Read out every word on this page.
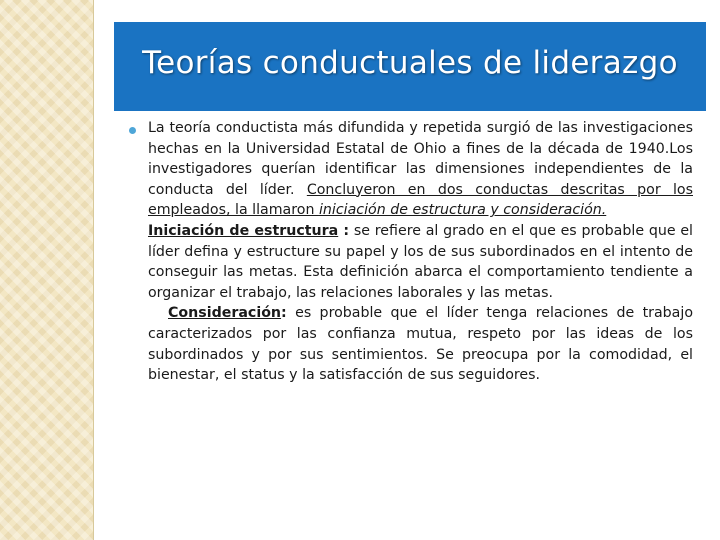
Teorías conductuales de liderazgo

La teoría conductista más difundida y repetida surgió de las investigaciones hechas en la Universidad Estatal de Ohio a fines de la década de 1940.Los investigadores querían identificar las dimensiones independientes de la conducta del líder. Concluyeron en dos conductas descritas por los empleados, la llamaron iniciación de estructura y consideración.

Iniciación de estructura : se refiere al grado en el que es probable que el líder defina y estructure su papel y los de sus subordinados en el intento de conseguir las metas. Esta definición abarca el comportamiento tendiente a organizar el trabajo, las relaciones laborales y las metas.

Consideración: es probable que el líder tenga relaciones de trabajo caracterizados por las confianza mutua, respeto por las ideas de los subordinados y por sus sentimientos. Se preocupa por la comodidad, el bienestar, el status y la satisfacción de sus seguidores.
